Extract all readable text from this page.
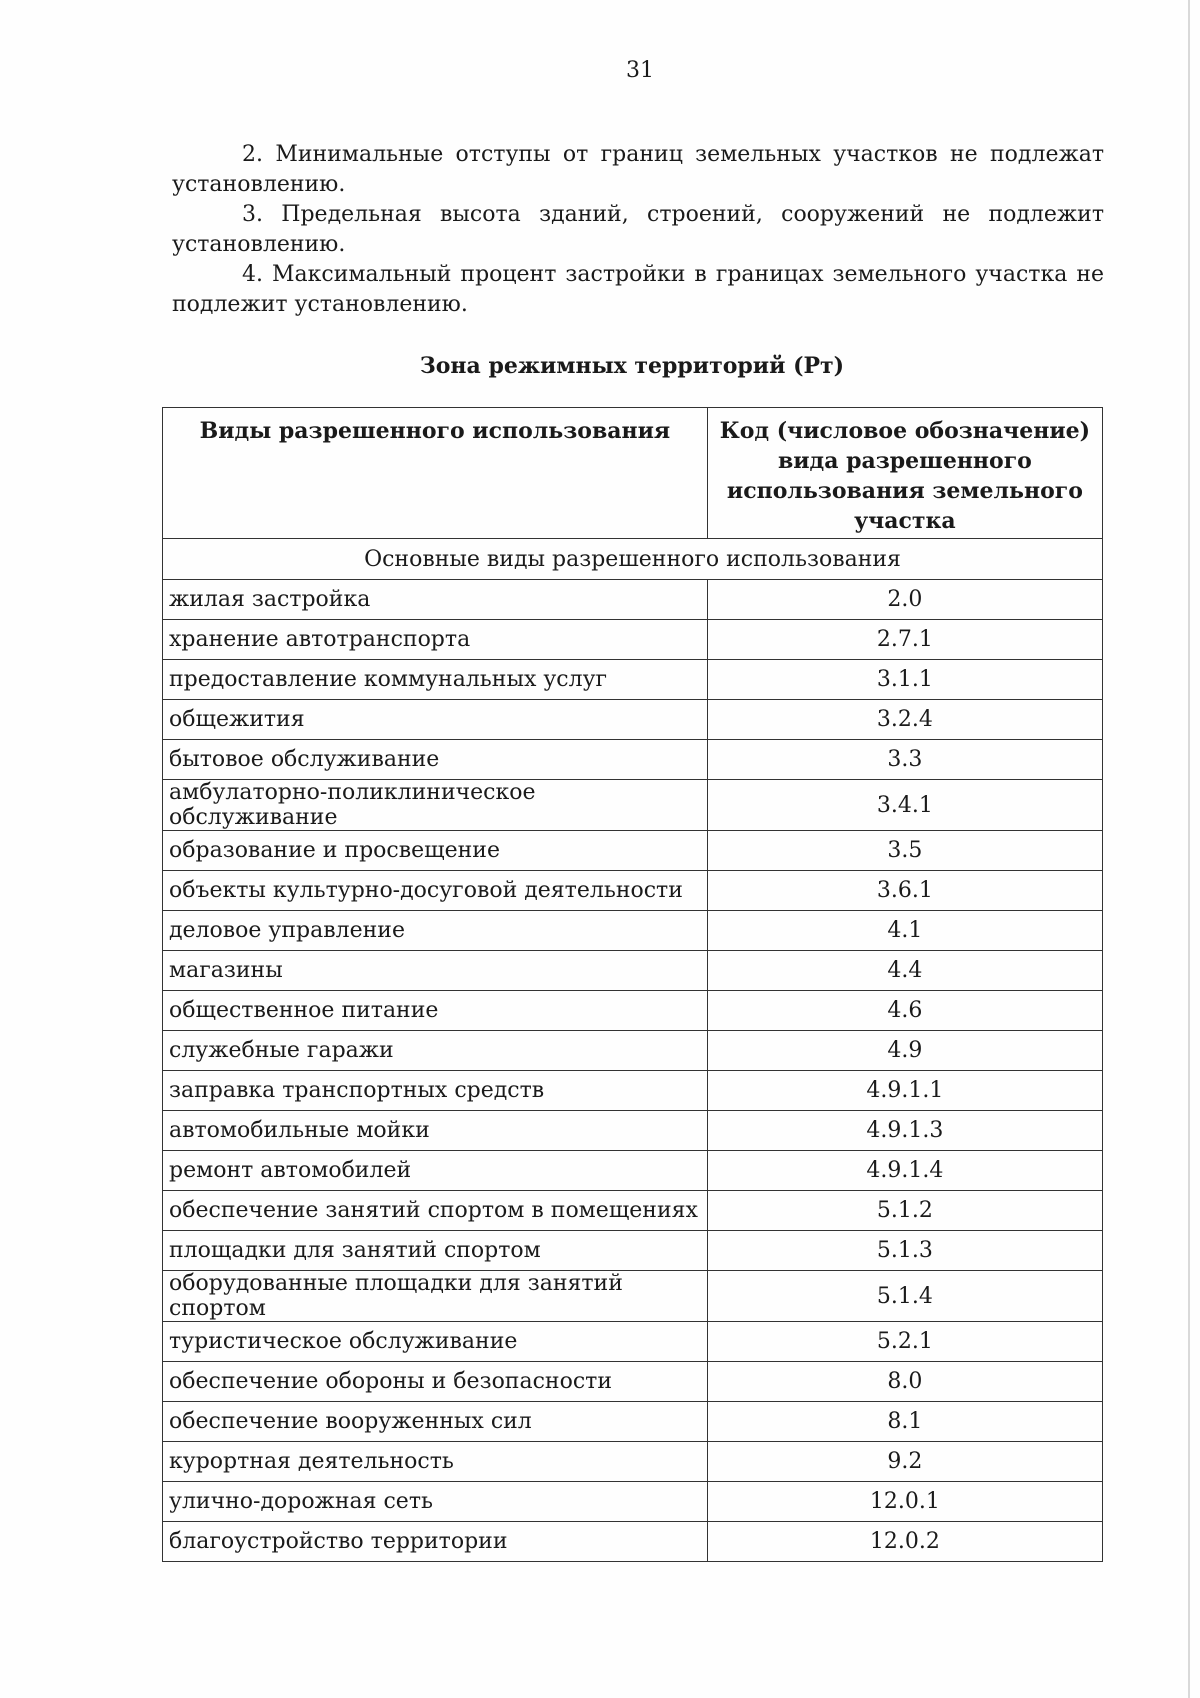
31

2. Минимальные отступы от границ земельных участков не подлежат установлению.

3. Предельная высота зданий, строений, сооружений не подлежит установлению.

4. Максимальный процент застройки в границах земельного участка не подлежит установлению.

Зона режимных территорий (Рт)
Виды разрешенного использования	Код (числовое обозначение) вида разрешенного использования земельного участка
Основные виды разрешенного использования	
жилая застройка	2.0
хранение автотранспорта	2.7.1
предоставление коммунальных услуг	3.1.1
общежития	3.2.4
бытовое обслуживание	3.3
амбулаторно-поликлиническое обслуживание	3.4.1
образование и просвещение	3.5
объекты культурно-досуговой деятельности	3.6.1
деловое управление	4.1
магазины	4.4
общественное питание	4.6
служебные гаражи	4.9
заправка транспортных средств	4.9.1.1
автомобильные мойки	4.9.1.3
ремонт автомобилей	4.9.1.4
обеспечение занятий спортом в помещениях	5.1.2
площадки для занятий спортом	5.1.3
оборудованные площадки для занятий спортом	5.1.4
туристическое обслуживание	5.2.1
обеспечение обороны и безопасности	8.0
обеспечение вооруженных сил	8.1
курортная деятельность	9.2
улично-дорожная сеть	12.0.1
благоустройство территории	12.0.2
